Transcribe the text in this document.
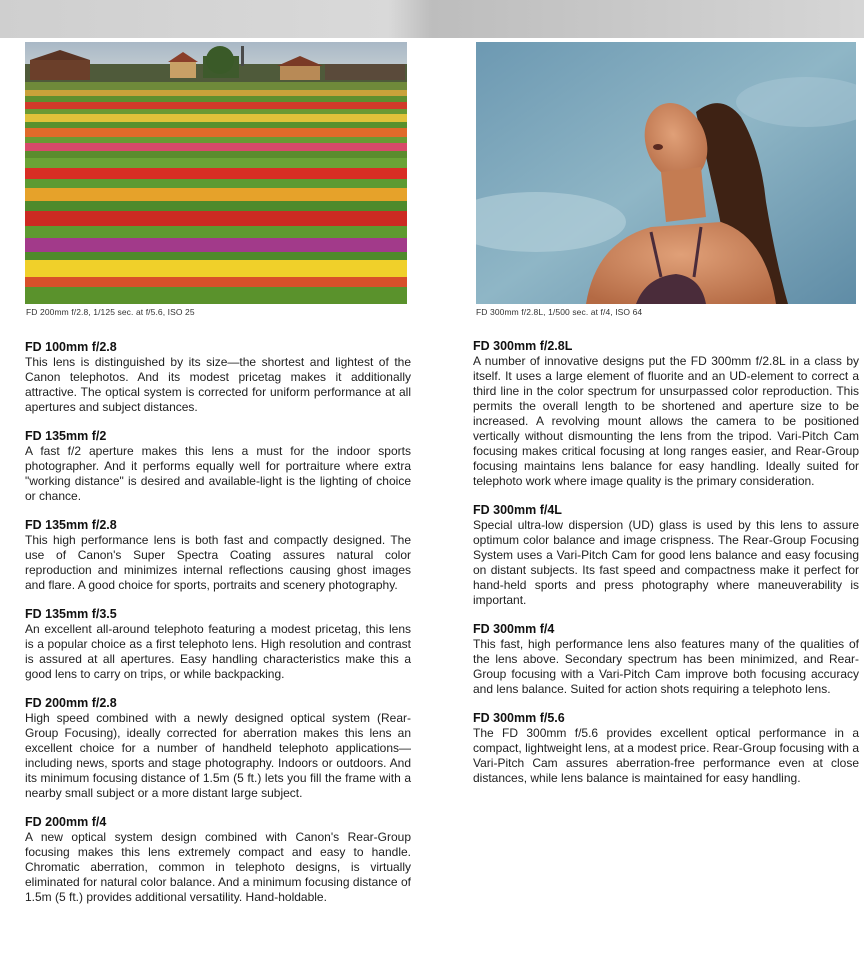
FD 200mm f/2.8, 1/125 sec. at f/5.6, ISO 25	FD 300mm f/2.8L, 1/500 sec. at f/4, ISO 64
FD 100mm f/2.8

This lens is distinguished by its size—the shortest and lightest of the Canon telephotos. And its modest pricetag makes it additionally attractive. The optical system is corrected for uniform performance at all apertures and subject distances.

FD 135mm f/2

A fast f/2 aperture makes this lens a must for the indoor sports photographer. And it performs equally well for portraiture where extra "working distance" is desired and available-light is the lighting of choice or chance.

FD 135mm f/2.8

This high performance lens is both fast and compactly designed. The use of Canon's Super Spectra Coating assures natural color reproduction and minimizes internal reflections causing ghost images and flare. A good choice for sports, portraits and scenery photography.

FD 135mm f/3.5

An excellent all-around telephoto featuring a modest pricetag, this lens is a popular choice as a first telephoto lens. High resolution and contrast is assured at all apertures. Easy handling characteristics make this a good lens to carry on trips, or while backpacking.

FD 200mm f/2.8

High speed combined with a newly designed optical system (Rear-Group Focusing), ideally corrected for aberration makes this lens an excellent choice for a number of handheld telephoto applications—including news, sports and stage photography. Indoors or outdoors. And its minimum focusing distance of 1.5m (5 ft.) lets you fill the frame with a nearby small subject or a more distant large subject.

FD 200mm f/4

A new optical system design combined with Canon's Rear-Group focusing makes this lens extremely compact and easy to handle. Chromatic aberration, common in telephoto designs, is virtually eliminated for natural color balance. And a minimum focusing distance of 1.5m (5 ft.) provides additional versatility. Hand-holdable.

FD 300mm f/2.8L

A number of innovative designs put the FD 300mm f/2.8L in a class by itself. It uses a large element of fluorite and an UD-element to correct a third line in the color spectrum for unsurpassed color reproduction. This permits the overall length to be shortened and aperture size to be increased. A revolving mount allows the camera to be positioned vertically without dismounting the lens from the tripod. Vari-Pitch Cam focusing makes critical focusing at long ranges easier, and Rear-Group focusing maintains lens balance for easy handling. Ideally suited for telephoto work where image quality is the primary consideration.

FD 300mm f/4L

Special ultra-low dispersion (UD) glass is used by this lens to assure optimum color balance and image crispness. The Rear-Group Focusing System uses a Vari-Pitch Cam for good lens balance and easy focusing on distant subjects. Its fast speed and compactness make it perfect for hand-held sports and press photography where maneuverability is important.

FD 300mm f/4

This fast, high performance lens also features many of the qualities of the lens above. Secondary spectrum has been minimized, and Rear-Group focusing with a Vari-Pitch Cam improve both focusing accuracy and lens balance. Suited for action shots requiring a telephoto lens.

FD 300mm f/5.6

The FD 300mm f/5.6 provides excellent optical performance in a compact, lightweight lens, at a modest price. Rear-Group focusing with a Vari-Pitch Cam assures aberration-free performance even at close distances, while lens balance is maintained for easy handling.
